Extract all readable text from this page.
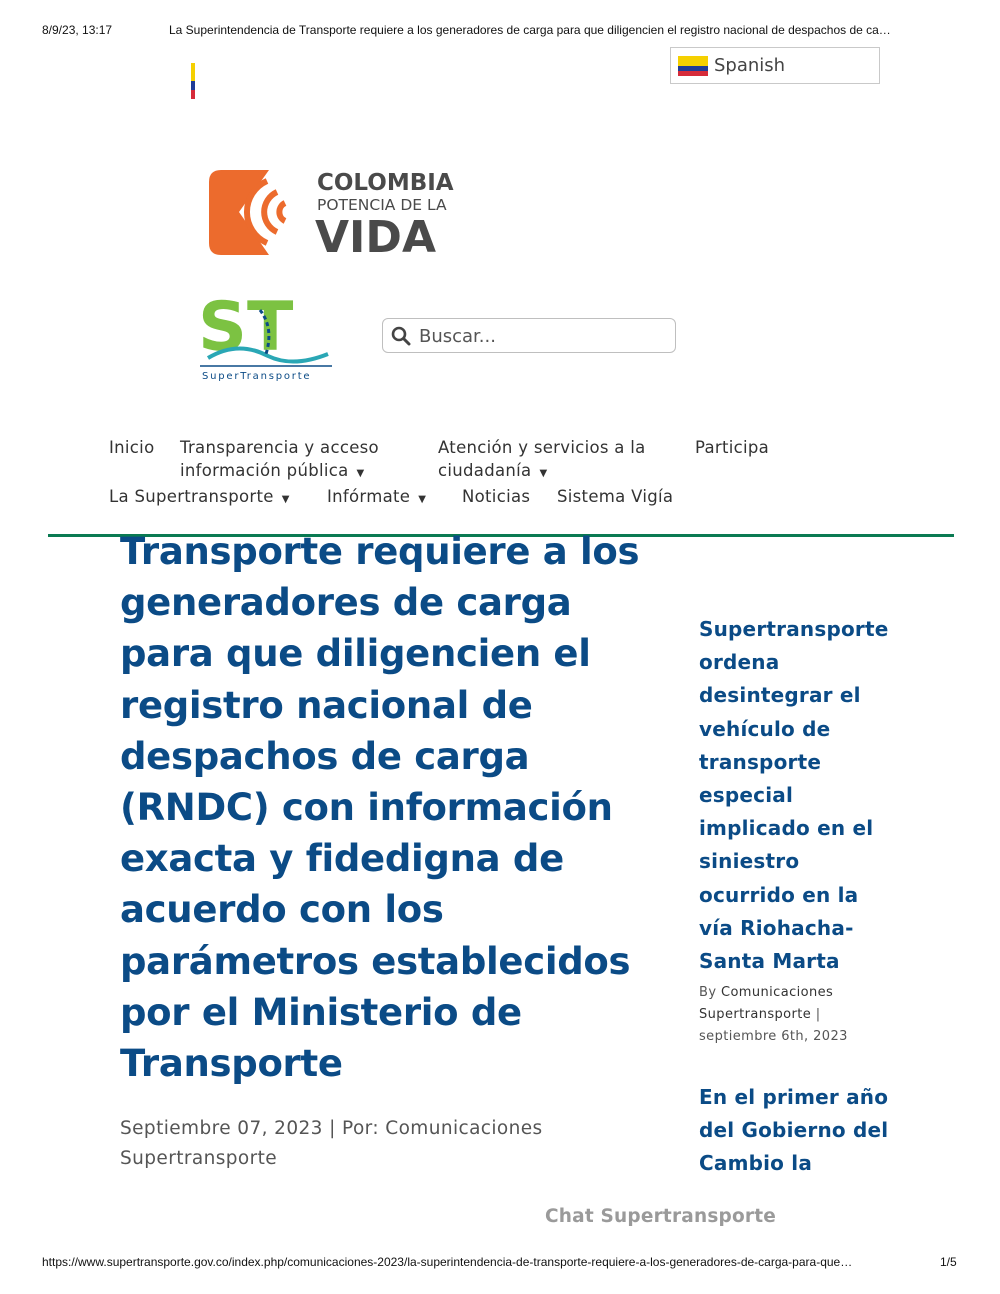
8/9/23, 13:17	La Superintendencia de Transporte requiere a los generadores de carga para que diligencien el registro nacional de despachos de ca…
Spanish
COLOMBIA
POTENCIA DE LA
VIDA
ST
SuperTransporte
Buscar...
Inicio Transparencia y acceso
información pública ▼
Atención y servicios a la
ciudadanía ▼
Participa
La Supertransporte ▼ Infórmate ▼ Noticias Sistema Vigía
Transporte requiere a los generadores de carga para que diligencien el registro nacional de despachos de carga (RNDC) con información exacta y fidedigna de acuerdo con los parámetros establecidos por el Ministerio de Transporte
Septiembre 07, 2023 | Por: Comunicaciones Supertransporte
Supertransporte ordena desintegrar el vehículo de transporte especial implicado en el siniestro ocurrido en la vía Riohacha-Santa Marta
By Comunicaciones Supertransporte | septiembre 6th, 2023
En el primer año del Gobierno del Cambio la
Chat Supertransporte
https://www.supertransporte.gov.co/index.php/comunicaciones-2023/la-superintendencia-de-transporte-requiere-a-los-generadores-de-carga-para-que…	1/5
